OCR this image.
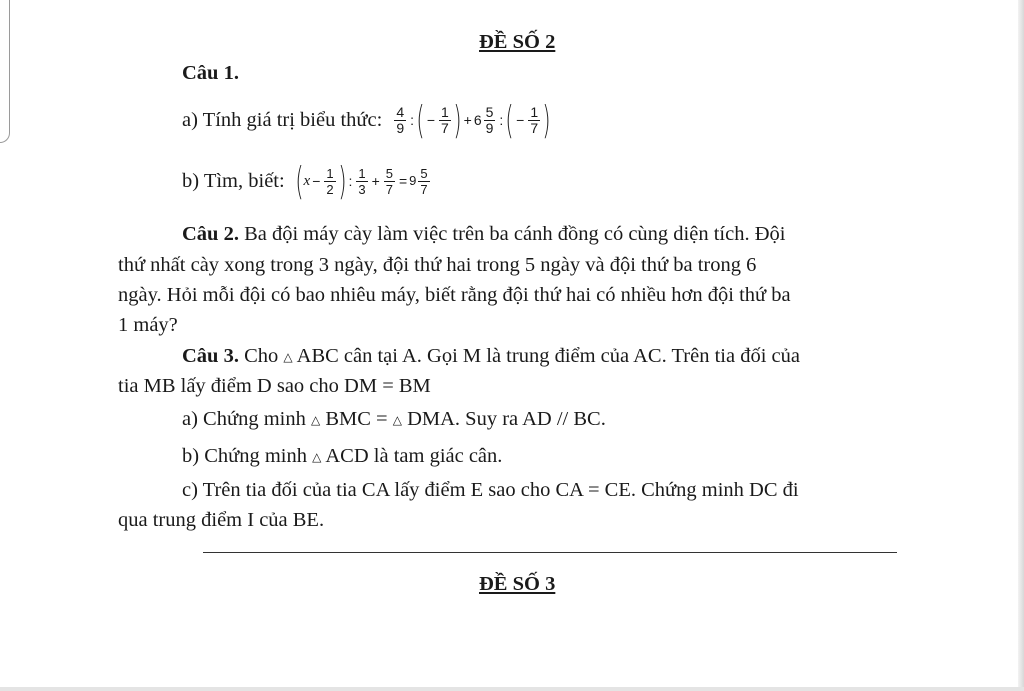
ĐỀ SỐ 2
Câu 1.
a) Tính giá trị biểu thức: $\frac{4}{9}$ : ( − $\frac{1}{7}$ ) + $6 \frac{5}{9}$ : ( − $\frac{1}{7}$ )
b) Tìm, biết: ( $x - \frac{1}{2}$ ) : $\frac{1}{3} + \frac{5}{7} = 9 \frac{5}{7}$
Câu 2. Ba đội máy cày làm việc trên ba cánh đồng có cùng diện tích. Đội
thứ nhất cày xong trong 3 ngày, đội thứ hai trong 5 ngày và đội thứ ba trong 6
ngày. Hỏi mỗi đội có bao nhiêu máy, biết rằng đội thứ hai có nhiều hơn đội thứ ba
1 máy?
Câu 3. Cho △ ABC cân tại A. Gọi M là trung điểm của AC. Trên tia đối của
tia MB lấy điểm D sao cho DM = BM
a) Chứng minh △ BMC = △ DMA. Suy ra AD // BC.
b) Chứng minh △ ACD là tam giác cân.
c) Trên tia đối của tia CA lấy điểm E sao cho CA = CE. Chứng minh DC đi
qua trung điểm I của BE.
ĐỀ SỐ 3
